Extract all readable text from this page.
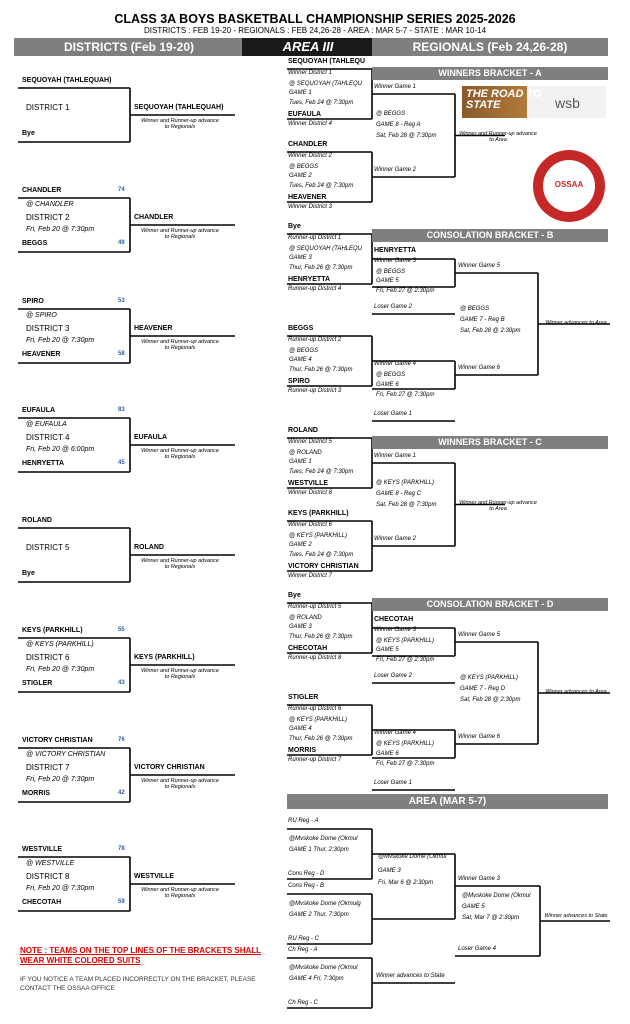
CLASS 3A BOYS BASKETBALL CHAMPIONSHIP SERIES 2025-2026
DISTRICTS : FEB 19-20 - REGIONALS : FEB 24,26-28 - AREA : MAR 5-7 - STATE : MAR 10-14
DISTRICTS (Feb 19-20)	AREA III	REGIONALS (Feb 24,26-28)
SEQUOYAH (TAHLEQUAH)
DISTRICT 1
Bye
SEQUOYAH (TAHLEQUAH)
Winner and Runner-up advance to Regionals
CHANDLER	74
@ CHANDLER
DISTRICT 2
Fri, Feb 20 @ 7:30pm
BEGGS	49
CHANDLER
Winner and Runner-up advance to Regionals
SPIRO	53
@ SPIRO
DISTRICT 3
Fri, Feb 20 @ 7:30pm
HEAVENER	58
HEAVENER
Winner and Runner-up advance to Regionals
EUFAULA	83
@ EUFAULA
DISTRICT 4
Fri, Feb 20 @ 6:00pm
HENRYETTA	45
EUFAULA
Winner and Runner-up advance to Regionals
ROLAND
DISTRICT 5
Bye
ROLAND
Winner and Runner-up advance to Regionals
KEYS (PARKHILL)	55
@ KEYS (PARKHILL)
DISTRICT 6
Fri, Feb 20 @ 7:30pm
STIGLER	43
KEYS (PARKHILL)
Winner and Runner-up advance to Regionals
VICTORY CHRISTIAN	76
@ VICTORY CHRISTIAN
DISTRICT 7
Fri, Feb 20 @ 7:30pm
MORRIS	42
VICTORY CHRISTIAN
Winner and Runner-up advance to Regionals
WESTVILLE	78
@ WESTVILLE
DISTRICT 8
Fri, Feb 20 @ 7:30pm
CHECOTAH	59
WESTVILLE
Winner and Runner-up advance to Regionals
WINNERS BRACKET - A
SEQUOYAH (TAHLEQU
Winner District 1
@ SEQUOYAH (TAHLEQU
GAME 1
Tues, Feb 24 @ 7:30pm
EUFAULA
Winner District 4
CHANDLER
Winner District 2
@ BEGGS
GAME 2
Tues, Feb 24 @ 7:30pm
HEAVENER
Winner District 3
Winner Game 1
Winner Game 2
@ BEGGS
GAME 8 - Reg A
Sat, Feb 28 @ 7:30pm	Winner and Runner-up advance to Area
CONSOLATION BRACKET - B
Bye
Runner-up District 1
@ SEQUOYAH (TAHLEQU
GAME 3
Thur, Feb 26 @ 7:30pm
HENRYETTA
Runner-up District 4
BEGGS
Runner-up District 2
@ BEGGS
GAME 4
Thur, Feb 26 @ 7:30pm
SPIRO
Runner-up District 3
HENRYETTA
Winner Game 3
@ BEGGS
GAME 5
Fri, Feb 27 @ 2:30pm
Loser Game 2
Winner Game 4
@ BEGGS
GAME 6
Fri, Feb 27 @ 7:30pm
Loser Game 1
Winner Game 5
Winner Game 6
@ BEGGS
GAME 7 - Reg B
Sat, Feb 28 @ 2:30pm
Winner advances to Area
WINNERS BRACKET - C
ROLAND
Winner District 5
@ ROLAND
GAME 1
Tues, Feb 24 @ 7:30pm
WESTVILLE
Winner District 8
KEYS (PARKHILL)
Winner District 6
@ KEYS (PARKHILL)
GAME 2
Tues, Feb 24 @ 7:30pm
VICTORY CHRISTIAN
Winner District 7
Winner Game 1
Winner Game 2
@ KEYS (PARKHILL)
GAME 8 - Reg C
Sat, Feb 28 @ 7:30pm	Winner and Runner-up advance to Area
CONSOLATION BRACKET - D
Bye
Runner-up District 5
@ ROLAND
GAME 3
Thur, Feb 26 @ 7:30pm
CHECOTAH
Runner-up District 8
STIGLER
Runner-up District 6
@ KEYS (PARKHILL)
GAME 4
Thur, Feb 26 @ 7:30pm
MORRIS
Runner-up District 7
CHECOTAH
Winner Game 3
@ KEYS (PARKHILL)
GAME 5
Fri, Feb 27 @ 2:30pm
Loser Game 2
Winner Game 4
@ KEYS (PARKHILL)
GAME 6
Fri, Feb 27 @ 7:30pm
Loser Game 1
Winner Game 5
Winner Game 6
@ KEYS (PARKHILL)
GAME 7 - Reg D
Sat, Feb 28 @ 2:30pm
Winner advances to Area
AREA (MAR 5-7)
RU Reg - A
@Mvskoke Dome (Okmul
GAME 1 Thur, 2:30pm
Cons Reg - D
Cons Reg - B
@Mvskoke Dome (Okmulg
GAME 2 Thur, 7:30pm
RU Reg - C
Ch Reg - A
@Mvskoke Dome (Okmul
GAME 4 Fri, 7:30pm
Ch Reg - C
@Mvskoke Dome (Okmul
GAME 3
Fri, Mar 6 @ 2:30pm
Winner advances to State
Winner Game 3
Loser Game 4
@Mvskoke Dome (Okmul
GAME 5
Sat, Mar 7 @ 2:30pm	Winner advances to State
THE ROAD TO STATE	wsb
OSSAA
NOTE : TEAMS ON THE TOP LINES OF THE BRACKETS SHALL WEAR WHITE COLORED SUITS
IF YOU NOTICE A TEAM PLACED INCORRECTLY ON THE BRACKET, PLEASE CONTACT THE OSSAA OFFICE
